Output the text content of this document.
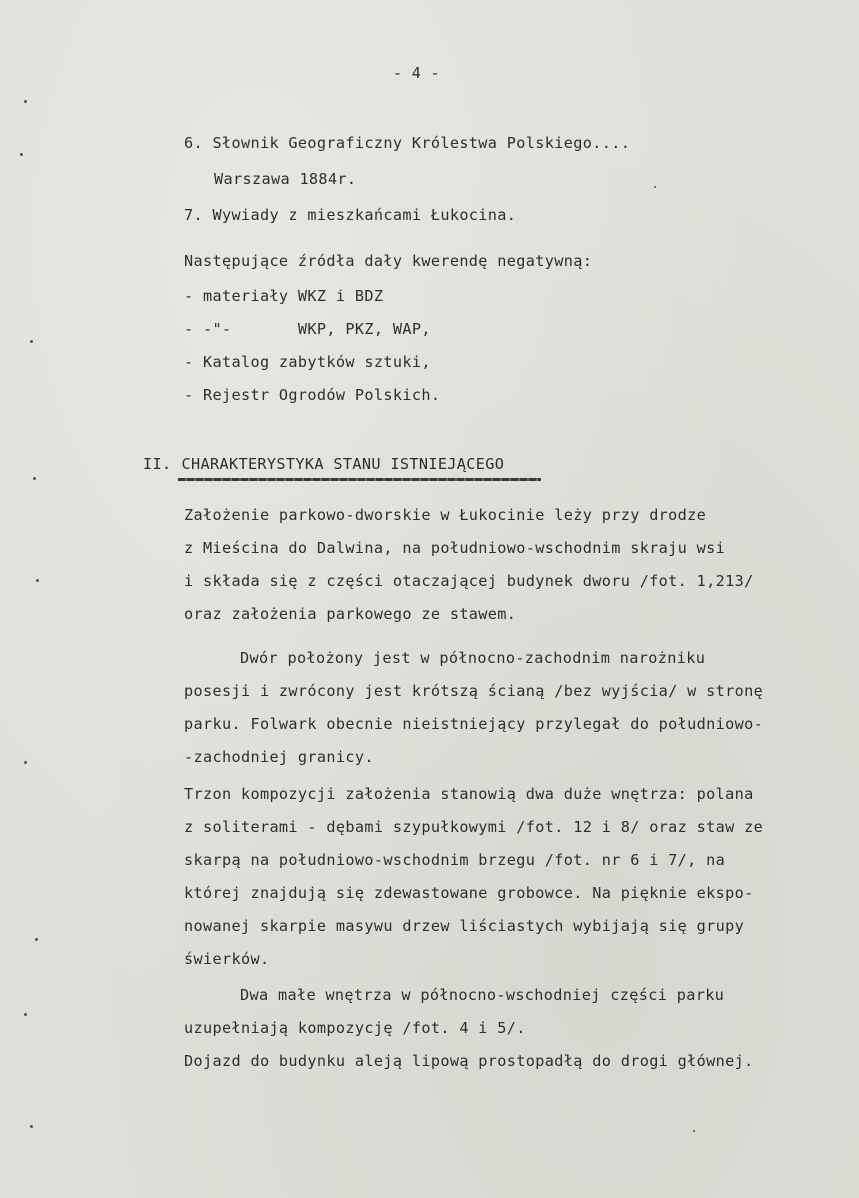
- 4 -
6. Słownik Geograficzny Królestwa Polskiego....
Warszawa 1884r.
7. Wywiady z mieszkańcami Łukocina.
Następujące źródła dały kwerendę negatywną:
- materiały WKZ i BDZ
- -"-       WKP, PKZ, WAP,
- Katalog zabytków sztuki,
- Rejestr Ogrodów Polskich.
II. CHARAKTERYSTYKA STANU ISTNIEJĄCEGO
Założenie parkowo-dworskie w Łukocinie leży przy drodze
z Mieścina do Dalwina, na południowo-wschodnim skraju wsi
i składa się z części otaczającej budynek dworu /fot. 1,213/
oraz założenia parkowego ze stawem.
Dwór położony jest w północno-zachodnim narożniku
posesji i zwrócony jest krótszą ścianą /bez wyjścia/ w stronę
parku. Folwark obecnie nieistniejący przylegał do południowo-
-zachodniej granicy.
Trzon kompozycji założenia stanowią dwa duże wnętrza: polana
z soliterami - dębami szypułkowymi /fot. 12 i 8/ oraz staw ze
skarpą na południowo-wschodnim brzegu /fot. nr 6 i 7/, na
której znajdują się zdewastowane grobowce. Na pięknie ekspo-
nowanej skarpie masywu drzew liściastych wybijają się grupy
świerków.
Dwa małe wnętrza w północno-wschodniej części parku
uzupełniają kompozycję /fot. 4 i 5/.
Dojazd do budynku aleją lipową prostopadłą do drogi głównej.
